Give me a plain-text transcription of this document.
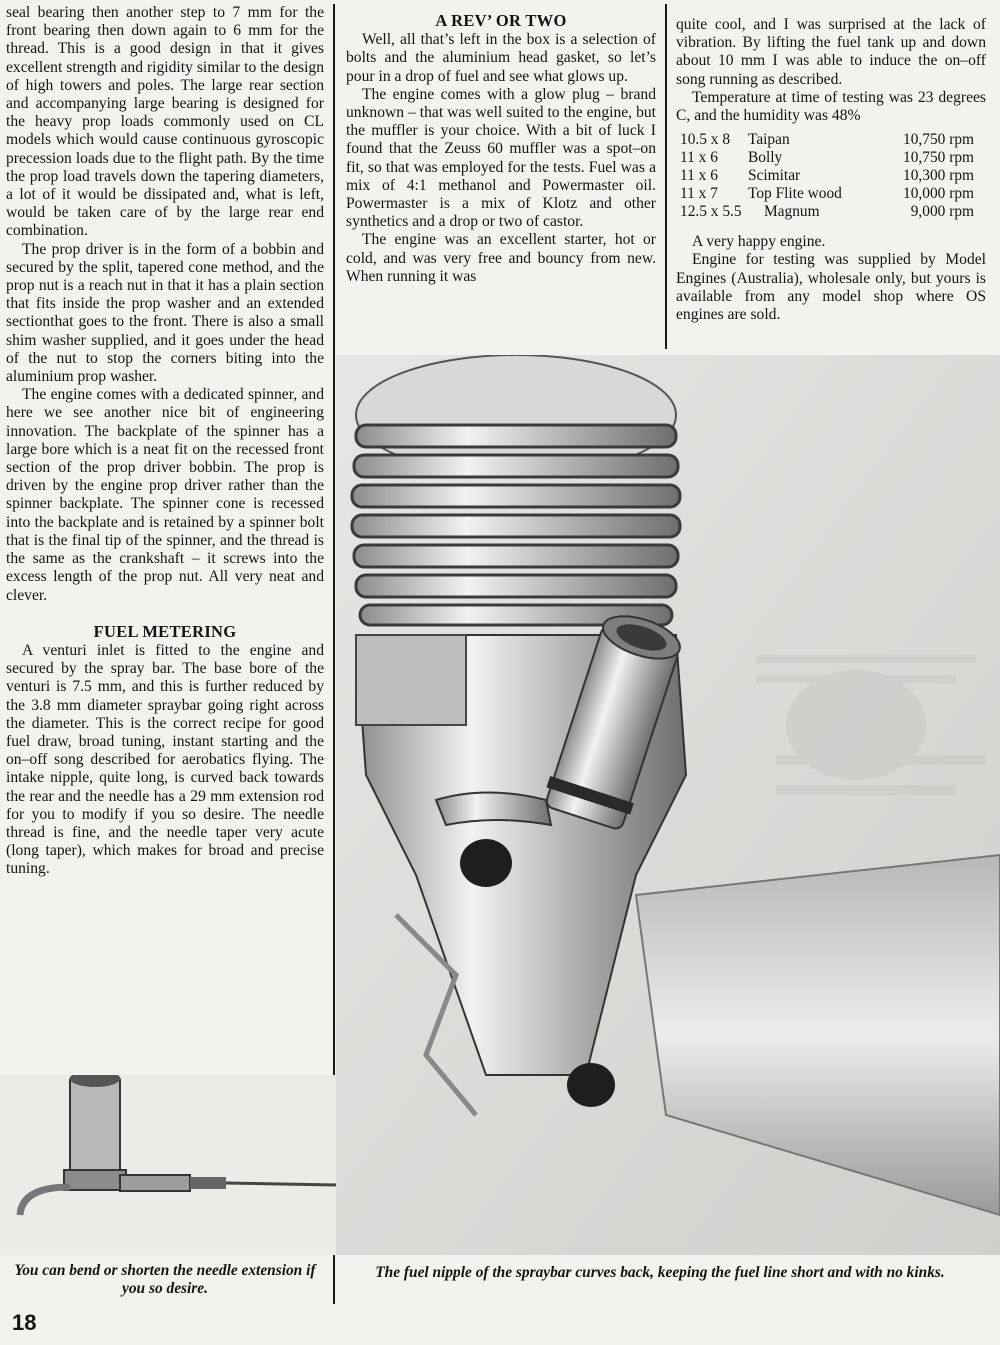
seal bearing then another step to 7 mm for the front bearing then down again to 6 mm for the thread. This is a good design in that it gives excellent strength and rigidity similar to the design of high towers and poles. The large rear section and accompanying large bearing is designed for the heavy prop loads commonly used on CL models which would cause continuous gyroscopic precession loads due to the flight path. By the time the prop load travels down the tapering diameters, a lot of it would be dissipated and, what is left, would be taken care of by the large rear end combination.

The prop driver is in the form of a bobbin and secured by the split, tapered cone method, and the prop nut is a reach nut in that it has a plain section that fits inside the prop washer and an extended sectionthat goes to the front. There is also a small shim washer supplied, and it goes under the head of the nut to stop the corners biting into the aluminium prop washer.

The engine comes with a dedicated spinner, and here we see another nice bit of engineering innovation. The backplate of the spinner has a large bore which is a neat fit on the recessed front section of the prop driver bobbin. The prop is driven by the engine prop driver rather than the spinner backplate. The spinner cone is recessed into the backplate and is retained by a spinner bolt that is the final tip of the spinner, and the thread is the same as the crankshaft – it screws into the excess length of the prop nut. All very neat and clever.

FUEL METERING

A venturi inlet is fitted to the engine and secured by the spray bar. The base bore of the venturi is 7.5 mm, and this is further reduced by the 3.8 mm diameter spraybar going right across the diameter. This is the correct recipe for good fuel draw, broad tuning, instant starting and the on–off song described for aerobatics flying. The intake nipple, quite long, is curved back towards the rear and the needle has a 29 mm extension rod for you to modify if you so desire. The needle thread is fine, and the needle taper very acute (long taper), which makes for broad and precise tuning.

A REV’ OR TWO

Well, all that’s left in the box is a selection of bolts and the aluminium head gasket, so let’s pour in a drop of fuel and see what glows up.

The engine comes with a glow plug – brand unknown – that was well suited to the engine, but the muffler is your choice. With a bit of luck I found that the Zeuss 60 muffler was a spot–on fit, so that was employed for the tests. Fuel was a mix of 4:1 methanol and Powermaster oil. Powermaster is a mix of Klotz and other synthetics and a drop or two of castor.

The engine was an excellent starter, hot or cold, and was very free and bouncy from new. When running it was

quite cool, and I was surprised at the lack of vibration. By lifting the fuel tank up and down about 10 mm I was able to induce the on–off song running as described.

Temperature at time of testing was 23 degrees C, and the humidity was 48%

10.5 x 8	Taipan	10,750 rpm
11 x 6	Bolly	10,750 rpm
11 x 6	Scimitar	10,300 rpm
11 x 7	Top Flite wood	10,000 rpm
12.5 x 5.5	Magnum	9,000 rpm

A very happy engine.

Engine for testing was supplied by Model Engines (Australia), wholesale only, but yours is available from any model shop where OS engines are sold.

You can bend or shorten the needle extension if you so desire.
The fuel nipple of the spraybar curves back, keeping the fuel line short and with no kinks.
18
